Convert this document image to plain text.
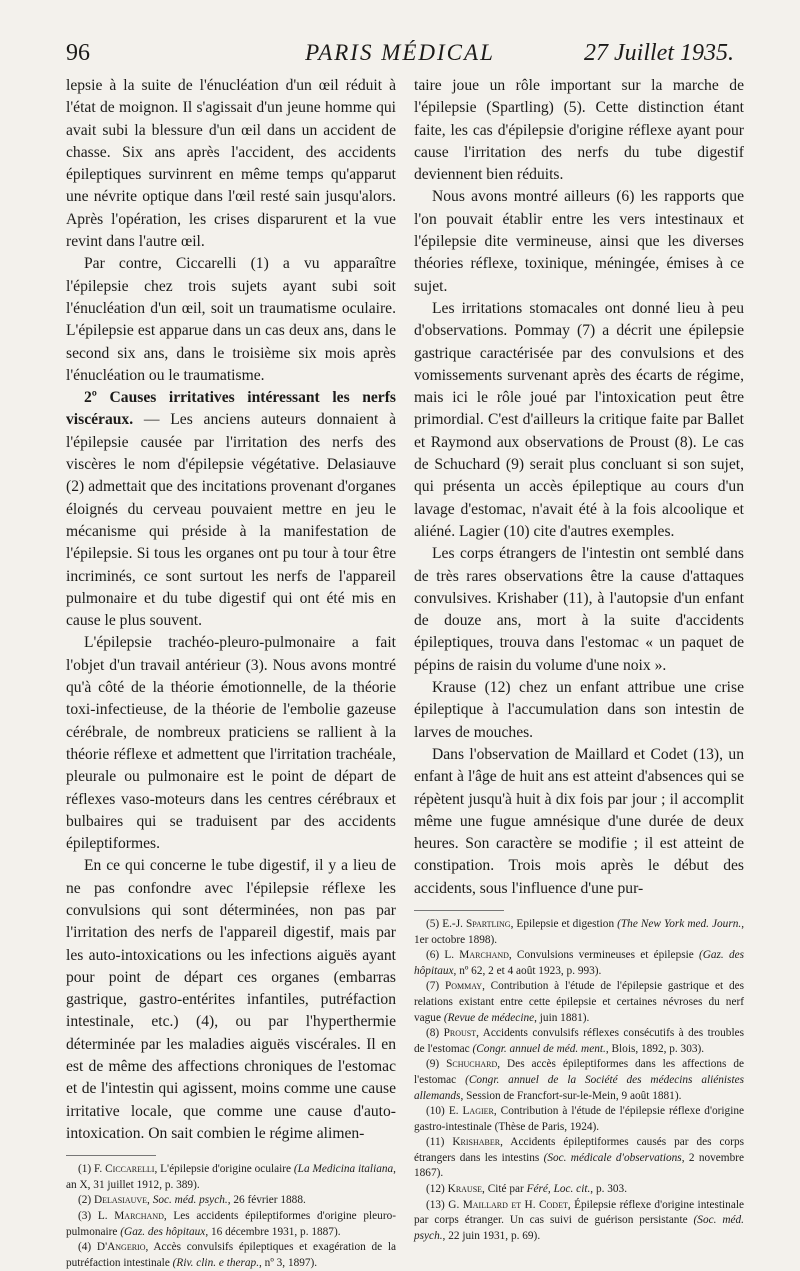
96	PARIS MÉDICAL	27 Juillet 1935.

lepsie à la suite de l'énucléation d'un œil réduit à l'état de moignon. Il s'agissait d'un jeune homme qui avait subi la blessure d'un œil dans un accident de chasse. Six ans après l'accident, des accidents épileptiques survinrent en même temps qu'apparut une névrite optique dans l'œil resté sain jusqu'alors. Après l'opération, les crises disparurent et la vue revint dans l'autre œil.

Par contre, Ciccarelli (1) a vu apparaître l'épilepsie chez trois sujets ayant subi soit l'énucléation d'un œil, soit un traumatisme oculaire. L'épilepsie est apparue dans un cas deux ans, dans le second six ans, dans le troisième six mois après l'énucléation ou le traumatisme.

2º Causes irritatives intéressant les nerfs viscéraux. — Les anciens auteurs donnaient à l'épilepsie causée par l'irritation des nerfs des viscères le nom d'épilepsie végétative. Delasiauve (2) admettait que des incitations provenant d'organes éloignés du cerveau pouvaient mettre en jeu le mécanisme qui préside à la manifestation de l'épilepsie. Si tous les organes ont pu tour à tour être incriminés, ce sont surtout les nerfs de l'appareil pulmonaire et du tube digestif qui ont été mis en cause le plus souvent.

L'épilepsie trachéo-pleuro-pulmonaire a fait l'objet d'un travail antérieur (3). Nous avons montré qu'à côté de la théorie émotionnelle, de la théorie toxi-infectieuse, de la théorie de l'embolie gazeuse cérébrale, de nombreux praticiens se rallient à la théorie réflexe et admettent que l'irritation trachéale, pleurale ou pulmonaire est le point de départ de réflexes vaso-moteurs dans les centres cérébraux et bulbaires qui se traduisent par des accidents épileptiformes.

En ce qui concerne le tube digestif, il y a lieu de ne pas confondre avec l'épilepsie réflexe les convulsions qui sont déterminées, non pas par l'irritation des nerfs de l'appareil digestif, mais par les auto-intoxications ou les infections aiguës ayant pour point de départ ces organes (embarras gastrique, gastro-entérites infantiles, putréfaction intestinale, etc.) (4), ou par l'hyperthermie déterminée par les maladies aiguës viscérales. Il en est de même des affections chroniques de l'estomac et de l'intestin qui agissent, moins comme une cause irritative locale, que comme une cause d'auto-intoxication. On sait combien le régime alimen-

(1) F. Ciccarelli, L'épilepsie d'origine oculaire (La Medicina italiana, an X, 31 juillet 1912, p. 389).

(2) Delasiauve, Soc. méd. psych., 26 février 1888.

(3) L. Marchand, Les accidents épileptiformes d'origine pleuro-pulmonaire (Gaz. des hôpitaux, 16 décembre 1931, p. 1887).

(4) D'Angerio, Accès convulsifs épileptiques et exagération de la putréfaction intestinale (Riv. clin. e therap., nº 3, 1897).

taire joue un rôle important sur la marche de l'épilepsie (Spartling) (5). Cette distinction étant faite, les cas d'épilepsie d'origine réflexe ayant pour cause l'irritation des nerfs du tube digestif deviennent bien réduits.

Nous avons montré ailleurs (6) les rapports que l'on pouvait établir entre les vers intestinaux et l'épilepsie dite vermineuse, ainsi que les diverses théories réflexe, toxinique, méningée, émises à ce sujet.

Les irritations stomacales ont donné lieu à peu d'observations. Pommay (7) a décrit une épilepsie gastrique caractérisée par des convulsions et des vomissements survenant après des écarts de régime, mais ici le rôle joué par l'intoxication peut être primordial. C'est d'ailleurs la critique faite par Ballet et Raymond aux observations de Proust (8). Le cas de Schuchard (9) serait plus concluant si son sujet, qui présenta un accès épileptique au cours d'un lavage d'estomac, n'avait été à la fois alcoolique et aliéné. Lagier (10) cite d'autres exemples.

Les corps étrangers de l'intestin ont semblé dans de très rares observations être la cause d'attaques convulsives. Krishaber (11), à l'autopsie d'un enfant de douze ans, mort à la suite d'accidents épileptiques, trouva dans l'estomac « un paquet de pépins de raisin du volume d'une noix ».

Krause (12) chez un enfant attribue une crise épileptique à l'accumulation dans son intestin de larves de mouches.

Dans l'observation de Maillard et Codet (13), un enfant à l'âge de huit ans est atteint d'absences qui se répètent jusqu'à huit à dix fois par jour ; il accomplit même une fugue amnésique d'une durée de deux heures. Son caractère se modifie ; il est atteint de constipation. Trois mois après le début des accidents, sous l'influence d'une pur-

(5) E.-J. Spartling, Epilepsie et digestion (The New York med. Journ., 1er octobre 1898).

(6) L. Marchand, Convulsions vermineuses et épilepsie (Gaz. des hôpitaux, nº 62, 2 et 4 août 1923, p. 993).

(7) Pommay, Contribution à l'étude de l'épilepsie gastrique et des relations existant entre cette épilepsie et certaines névroses du nerf vague (Revue de médecine, juin 1881).

(8) Proust, Accidents convulsifs réflexes consécutifs à des troubles de l'estomac (Congr. annuel de méd. ment., Blois, 1892, p. 303).

(9) Schuchard, Des accès épileptiformes dans les affections de l'estomac (Congr. annuel de la Société des médecins aliénistes allemands, Session de Francfort-sur-le-Mein, 9 août 1881).

(10) E. Lagier, Contribution à l'étude de l'épilepsie réflexe d'origine gastro-intestinale (Thèse de Paris, 1924).

(11) Krishaber, Accidents épileptiformes causés par des corps étrangers dans les intestins (Soc. médicale d'observations, 2 novembre 1867).

(12) Krause, Cité par Féré, Loc. cit., p. 303.

(13) G. Maillard et H. Codet, Épilepsie réflexe d'origine intestinale par corps étranger. Un cas suivi de guérison persistante (Soc. méd. psych., 22 juin 1931, p. 69).
